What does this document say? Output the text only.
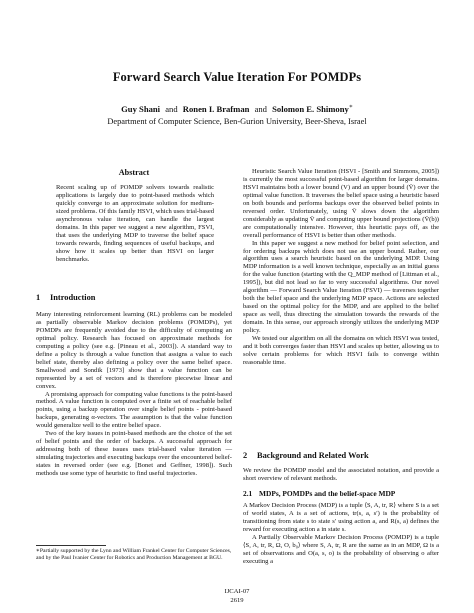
Forward Search Value Iteration For POMDPs
Guy Shani and Ronen I. Brafman and Solomon E. Shimony∗
Department of Computer Science, Ben-Gurion University, Beer-Sheva, Israel
Abstract
Recent scaling up of POMDP solvers towards realistic applications is largely due to point-based methods which quickly converge to an approximate solution for medium-sized problems. Of this family HSVI, which uses trial-based asynchronous value iteration, can handle the largest domains. In this paper we suggest a new algorithm, FSVI, that uses the underlying MDP to traverse the belief space towards rewards, finding sequences of useful backups, and show how it scales up better than HSVI on larger benchmarks.
1 Introduction

Many interesting reinforcement learning (RL) problems can be modeled as partially observable Markov decision problems (POMDPs), yet POMDPs are frequently avoided due to the difficulty of computing an optimal policy. Research has focused on approximate methods for computing a policy (see e.g. [Pineau et al., 2003]). A standard way to define a policy is through a value function that assigns a value to each belief state, thereby also defining a policy over the same belief space. Smallwood and Sondik [1973] show that a value function can be represented by a set of vectors and is therefore piecewise linear and convex.

A promising approach for computing value functions is the point-based method. A value function is computed over a finite set of reachable belief points, using a backup operation over single belief points - point-based backups, generating α-vectors. The assumption is that the value function would generalize well to the entire belief space.

Two of the key issues in point-based methods are the choice of the set of belief points and the order of backups. A successful approach for addressing both of these issues uses trial-based value iteration — simulating trajectories and executing backups over the encountered belief-states in reversed order (see e.g. [Bonet and Geffner, 1998]). Such methods use some type of heuristic to find useful trajectories.

∗Partially supported by the Lynn and William Frankel Center for Computer Sciences, and by the Paul Ivanier Center for Robotics and Production Management at BGU.

Heuristic Search Value Iteration (HSVI - [Smith and Simmons, 2005]) is currently the most successful point-based algorithm for larger domains. HSVI maintains both a lower bound (V) and an upper bound (V̄) over the optimal value function. It traverses the belief space using a heuristic based on both bounds and performs backups over the observed belief points in reversed order. Unfortunately, using V̄ slows down the algorithm considerably as updating V̄ and computing upper bound projections (V̄(b)) are computationally intensive. However, this heuristic pays off, as the overall performance of HSVI is better than other methods.

In this paper we suggest a new method for belief point selection, and for ordering backups which does not use an upper bound. Rather, our algorithm uses a search heuristic based on the underlying MDP. Using MDP information is a well known technique, especially as an initial guess for the value function (starting with the Q_MDP method of [Littman et al., 1995]), but did not lead so far to very successful algorithms. Our novel algorithm — Forward Search Value Iteration (FSVI) — traverses together both the belief space and the underlying MDP space. Actions are selected based on the optimal policy for the MDP, and are applied to the belief space as well, thus directing the simulation towards the rewards of the domain. In this sense, our approach strongly utilizes the underlying MDP policy.

We tested our algorithm on all the domains on which HSVI was tested, and it both converges faster than HSVI and scales up better, allowing us to solve certain problems for which HSVI fails to converge within reasonable time.

2 Background and Related Work

We review the POMDP model and the associated notation, and provide a short overview of relevant methods.

2.1 MDPs, POMDPs and the belief-space MDP

A Markov Decision Process (MDP) is a tuple ⟨S, A, tr, R⟩ where S is a set of world states, A is a set of actions, tr(s, a, s′) is the probability of transitioning from state s to state s′ using action a, and R(s, a) defines the reward for executing action a in state s.

A Partially Observable Markov Decision Process (POMDP) is a tuple ⟨S, A, tr, R, Ω, O, b₀⟩ where S, A, tr, R are the same as in an MDP, Ω is a set of observations and O(a, s, o) is the probability of observing o after executing a

IJCAI-07
2619
